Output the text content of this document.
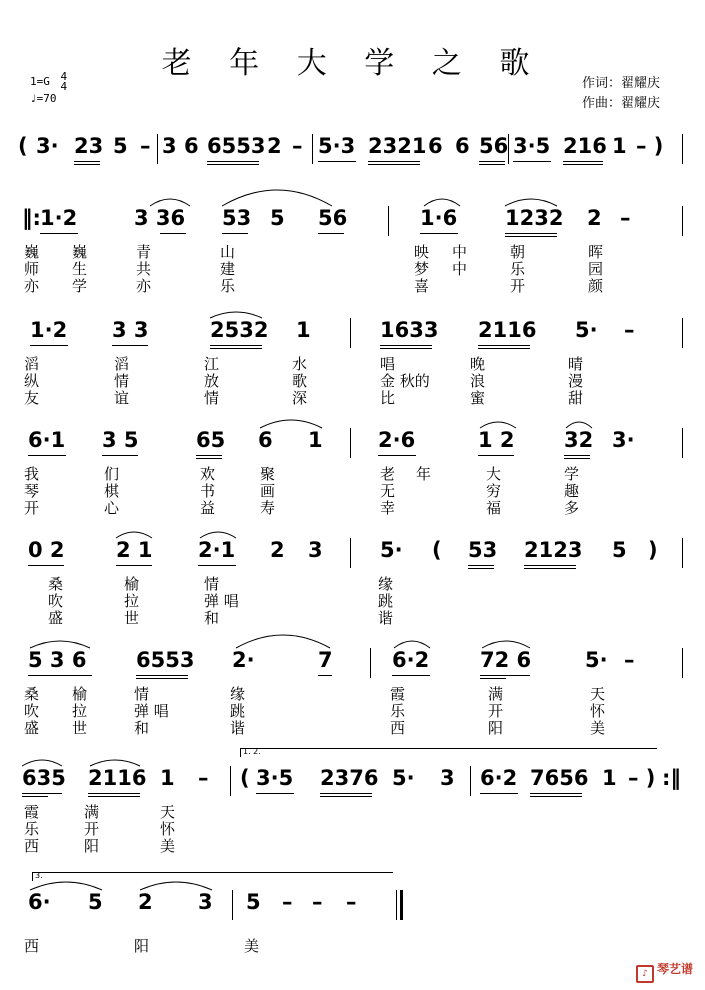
老 年 大 学 之 歌
1=G 4
4
♩=70
作词：翟耀庆
作曲：翟耀庆
( 3· 23 5 – 3 6 6553 2 – 5·3 2321 6 6 56 3·5 216 1 – )
‖: 1·2	3 36 53 5 56	1·6 1232 2 –
巍 巍	青	山	映 中	朝	晖
师 生	共	建	梦 中	乐	园
亦 学	亦	乐	喜	开	颜
1·2 3 3	2532 1	1633 2116 5· –
滔	滔	江	水	唱	晚	晴
纵	情	放	歌	金 秋的	浪	漫
友	谊	情	深	比	蜜	甜
6·1 3 5	65 6 1	2·6	1 2 32 3·
我	们	欢	聚	老 年	大	学
琴	棋	书	画	无	穷	趣
开	心	益	寿	幸	福	多
0 2 2 1 2·1 2 3	5· ( 53 2123 5 )
桑	榆	情	缘
吹	拉	弹 唱	跳
盛	世	和	谐
5 3 6 6553 2·	7	6·2 72 6	5· –
桑 榆	情	缘	霞	满	天
吹 拉	弹 唱	跳	乐	开	怀
盛 世	和	谐	西	阳	美
1. 2.
635 2116 1 – ( 3·5 2376 5· 3 6·2 7656 1 – ) :‖
霞	满	天
乐	开	怀
西	阳	美
3.
6· 5 2 3 5 – – –
西	阳	美
♪ 琴艺谱
